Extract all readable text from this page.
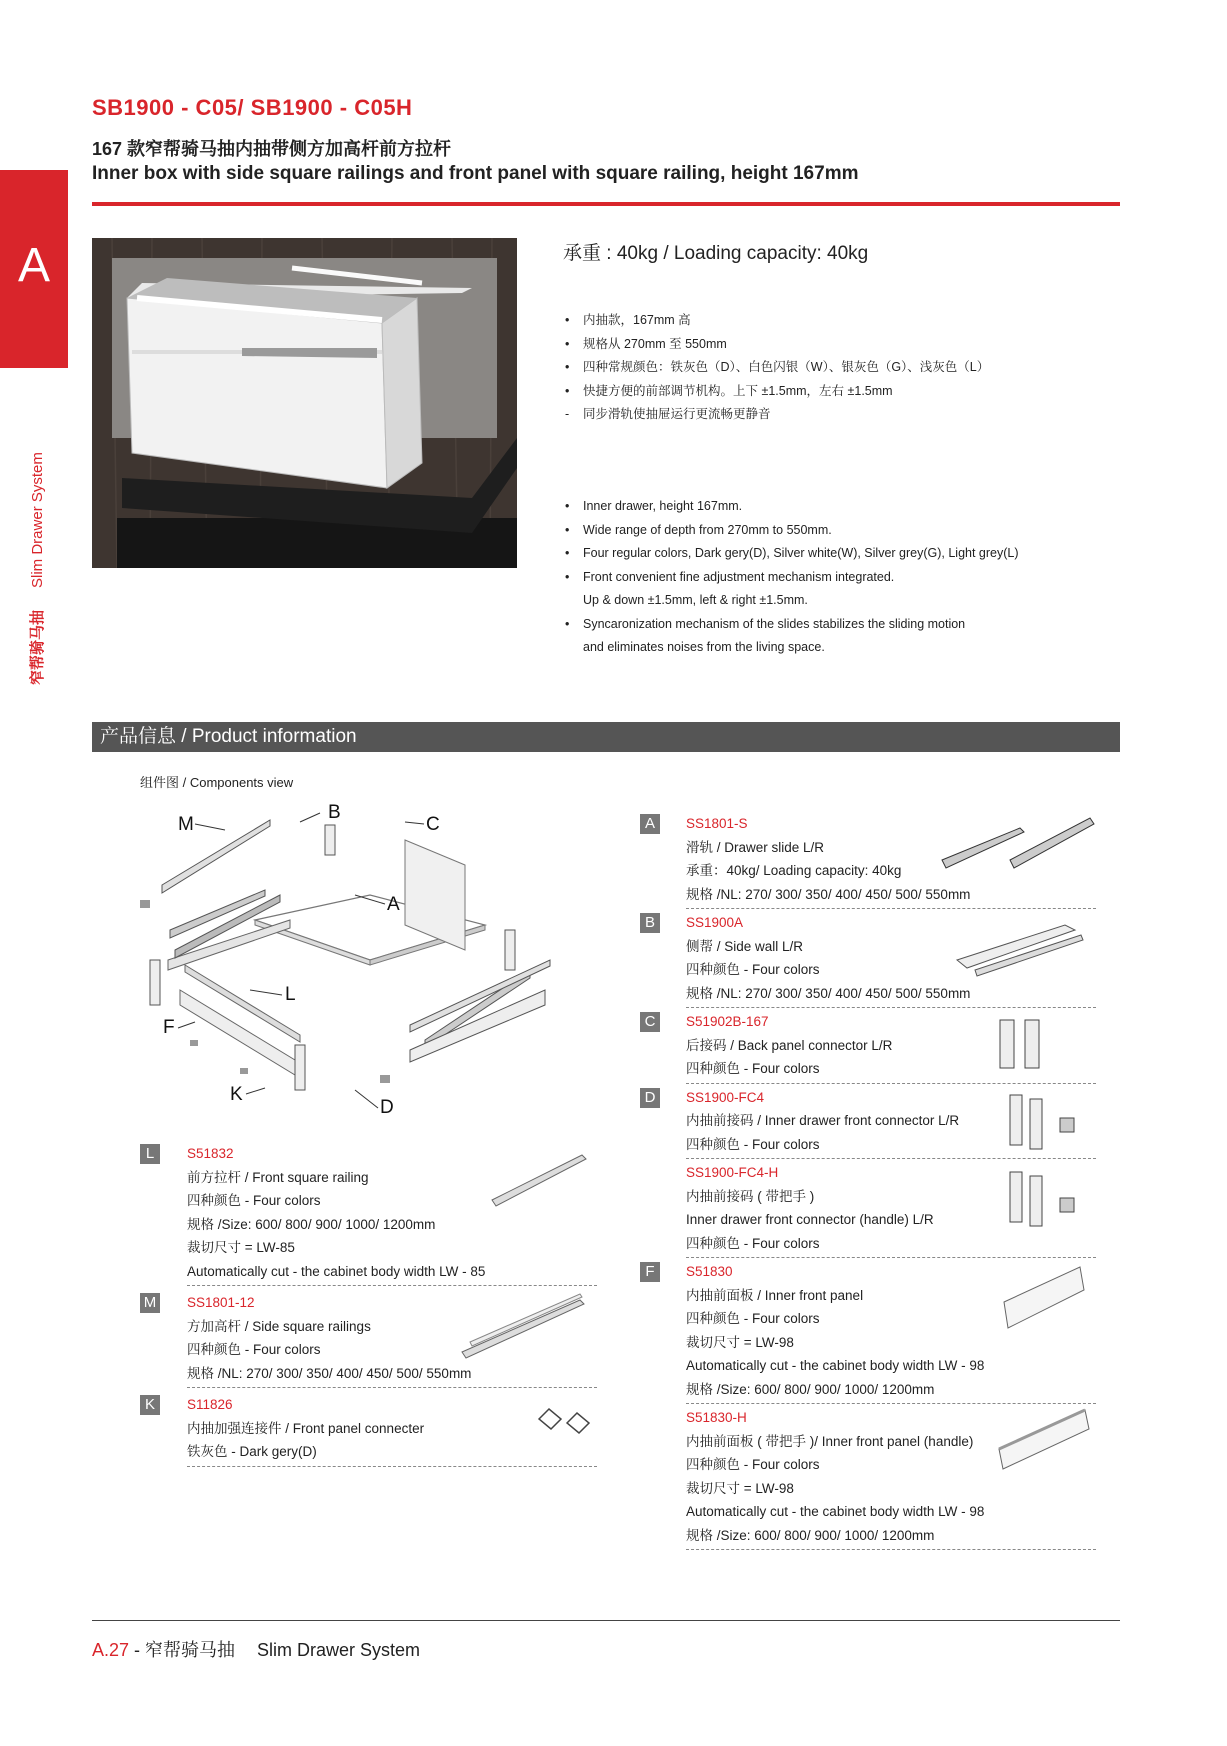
SB1900 - C05/ SB1900 - C05H
167 款窄帮骑马抽内抽带侧方加高杆前方拉杆
Inner box with side square railings and front panel with square railing, height 167mm
A
窄帮骑马抽Slim Drawer System
承重 : 40kg / Loading capacity: 40kg
• 内抽款，167mm 高
• 规格从 270mm 至 550mm
• 四种常规颜色：铁灰色（D）、白色闪银（W）、银灰色（G）、浅灰色（L）
• 快捷方便的前部调节机构。上下 ±1.5mm，左右 ±1.5mm
- 同步滑轨使抽屉运行更流畅更静音
• Inner drawer, height 167mm.
• Wide range of depth from 270mm to 550mm.
• Four regular colors, Dark gery(D), Silver white(W), Silver grey(G), Light grey(L)
• Front convenient fine adjustment mechanism integrated.
Up & down ±1.5mm, left & right ±1.5mm.
• Syncaronization mechanism of the slides stabilizes the sliding motion
and eliminates noises from the living space.
产品信息 / Product information
组件图 / Components view
M
B
C
A
L
F
K
D
L	S51832
前方拉杆 / Front square railing
四种颜色 - Four colors
规格 /Size: 600/ 800/ 900/ 1000/ 1200mm
裁切尺寸 = LW-85
Automatically cut - the cabinet body width LW - 85
M SS1801-12
方加高杆 / Side square railings
四种颜色 - Four colors
规格 /NL: 270/ 300/ 350/ 400/ 450/ 500/ 550mm
K	S11826
内抽加强连接件 / Front panel connecter
铁灰色 - Dark gery(D)
A	SS1801-S
滑轨 / Drawer slide L/R
承重：40kg/ Loading capacity: 40kg
规格 /NL: 270/ 300/ 350/ 400/ 450/ 500/ 550mm
B	SS1900A
侧帮 / Side wall L/R
四种颜色 - Four colors
规格 /NL: 270/ 300/ 350/ 400/ 450/ 500/ 550mm
C	S51902B-167
后接码 / Back panel connector L/R
四种颜色 - Four colors
D	SS1900-FC4
内抽前接码 / Inner drawer front connector L/R
四种颜色 - Four colors
SS1900-FC4-H
内抽前接码 ( 带把手 )
Inner drawer front connector (handle) L/R
四种颜色 - Four colors
F	S51830
内抽前面板 / Inner front panel
四种颜色 - Four colors
裁切尺寸 = LW-98
Automatically cut - the cabinet body width LW - 98
规格 /Size: 600/ 800/ 900/ 1000/ 1200mm
S51830-H
内抽前面板 ( 带把手 )/ Inner front panel (handle)
四种颜色 - Four colors
裁切尺寸 = LW-98
Automatically cut - the cabinet body width LW - 98
规格 /Size: 600/ 800/ 900/ 1000/ 1200mm
A.27 - 窄帮骑马抽 Slim Drawer System
